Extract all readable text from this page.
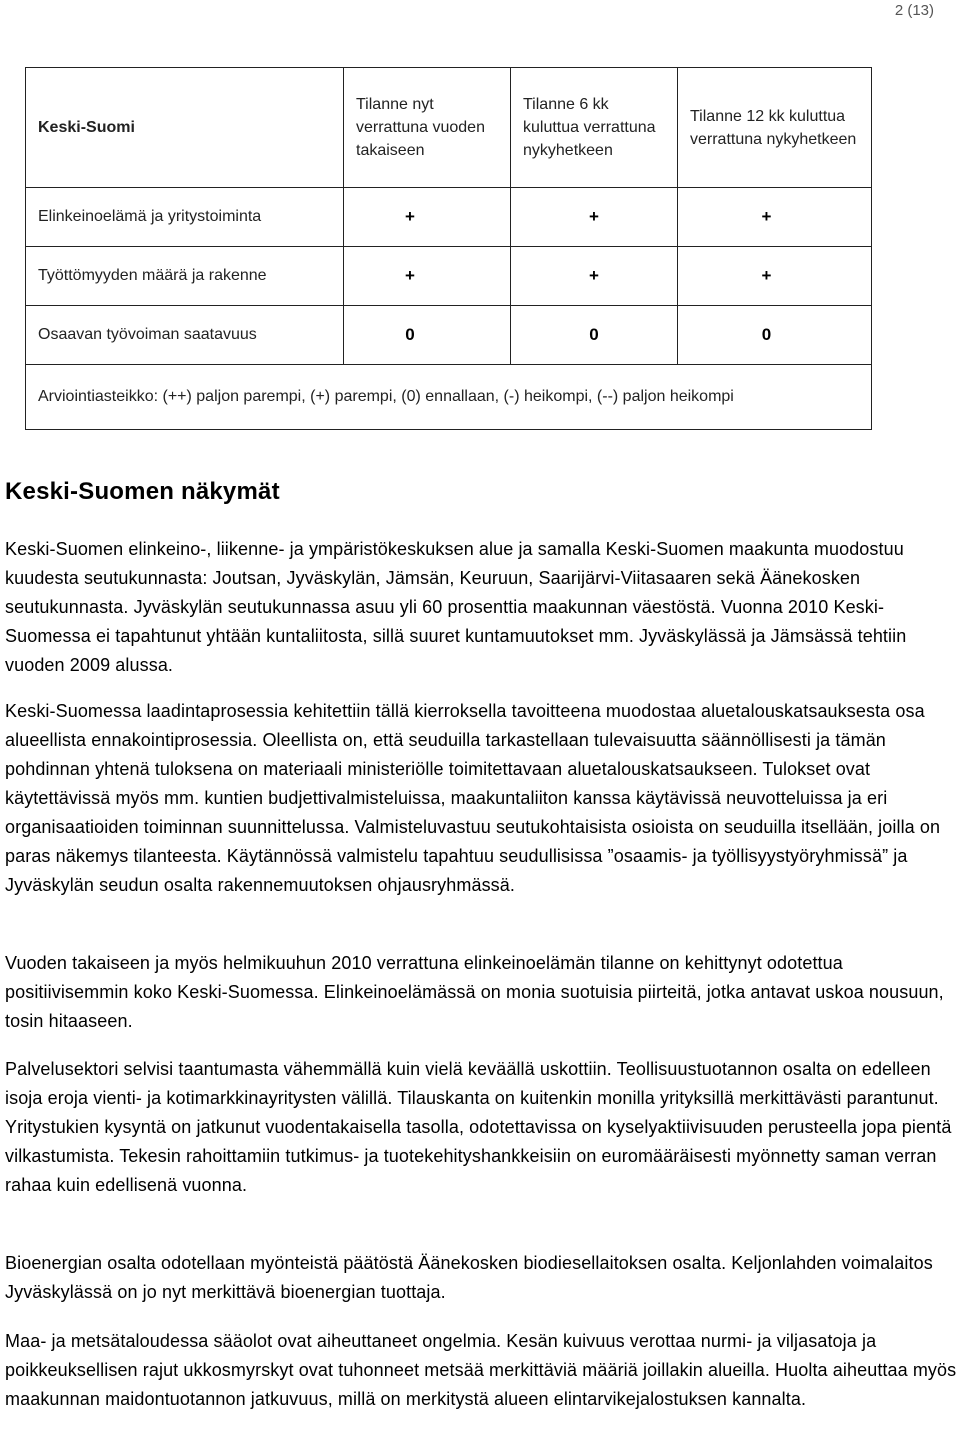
2 (13)
Keski-Suomi	Tilanne nyt verrattuna vuoden takaiseen	Tilanne 6 kk kuluttua verrattuna nykyhetkeen	Tilanne 12 kk kuluttua verrattuna nykyhetkeen
Elinkeinoelämä ja yritystoiminta	+	+	+
Työttömyyden määrä ja rakenne	+	+	+
Osaavan työvoiman saatavuus	0	0	0
Arviointiasteikko: (++) paljon parempi, (+) parempi, (0) ennallaan, (-) heikompi, (--) paljon heikompi			
Keski-Suomen näkymät

Keski-Suomen elinkeino-, liikenne- ja ympäristökeskuksen alue ja samalla Keski-Suomen maakunta muodostuu kuudesta seutukunnasta: Joutsan, Jyväskylän, Jämsän, Keuruun, Saarijärvi-Viitasaaren sekä Äänekosken seutukunnasta. Jyväskylän seutukunnassa asuu yli 60 prosenttia maakunnan väestöstä. Vuonna 2010 Keski-Suomessa ei tapahtunut yhtään kuntaliitosta, sillä suuret kuntamuutokset mm. Jyväskylässä ja Jämsässä tehtiin vuoden 2009 alussa.

Keski-Suomessa laadintaprosessia kehitettiin tällä kierroksella tavoitteena muodostaa aluetalouskatsauksesta osa alueellista ennakointiprosessia. Oleellista on, että seuduilla tarkastellaan tulevaisuutta säännöllisesti ja tämän pohdinnan yhtenä tuloksena on materiaali ministeriölle toimitettavaan aluetalouskatsaukseen. Tulokset ovat käytettävissä myös mm. kuntien budjettivalmisteluissa, maakuntaliiton kanssa käytävissä neuvotteluissa ja eri organisaatioiden toiminnan suunnittelussa. Valmisteluvastuu seutukohtaisista osioista on seuduilla itsellään, joilla on paras näkemys tilanteesta. Käytännössä valmistelu tapahtuu seudullisissa ”osaamis- ja työllisyystyöryhmissä” ja Jyväskylän seudun osalta rakennemuutoksen ohjausryhmässä.

Vuoden takaiseen ja myös helmikuuhun 2010 verrattuna elinkeinoelämän tilanne on kehittynyt odotettua positiivisemmin koko Keski-Suomessa. Elinkeinoelämässä on monia suotuisia piirteitä, jotka antavat uskoa nousuun, tosin hitaaseen.

Palvelusektori selvisi taantumasta vähemmällä kuin vielä keväällä uskottiin. Teollisuustuotannon osalta on edelleen isoja eroja vienti- ja kotimarkkinayritysten välillä. Tilauskanta on kuitenkin monilla yrityksillä merkittävästi parantunut. Yritystukien kysyntä on jatkunut vuodentakaisella tasolla, odotettavissa on kyselyaktiivisuuden perusteella jopa pientä vilkastumista. Tekesin rahoittamiin tutkimus- ja tuotekehityshankkeisiin on euromääräisesti myönnetty saman verran rahaa kuin edellisenä vuonna.

Bioenergian osalta odotellaan myönteistä päätöstä Äänekosken biodiesellaitoksen osalta. Keljonlahden voimalaitos Jyväskylässä on jo nyt merkittävä bioenergian tuottaja.

Maa- ja metsätaloudessa sääolot ovat aiheuttaneet ongelmia. Kesän kuivuus verottaa nurmi- ja viljasatoja ja poikkeuksellisen rajut ukkosmyrskyt ovat tuhonneet metsää merkittäviä määriä joillakin alueilla. Huolta aiheuttaa myös maakunnan maidontuotannon jatkuvuus, millä on merkitystä alueen elintarvikejalostuksen kannalta.
